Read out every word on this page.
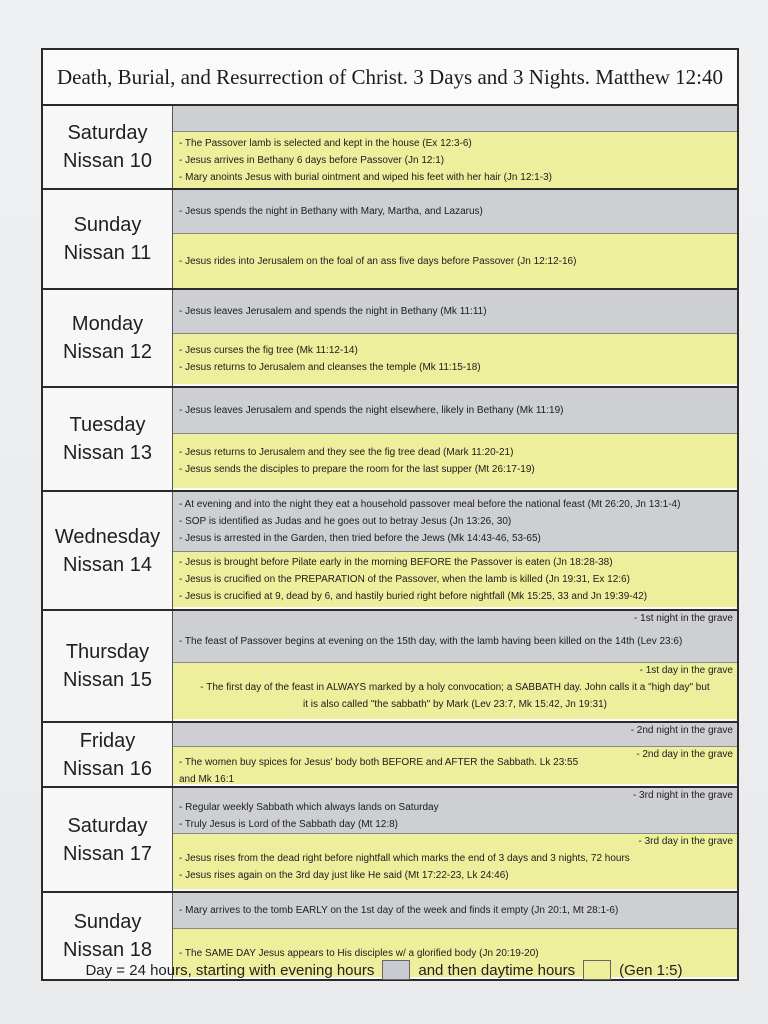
Death, Burial, and Resurrection of Christ. 3 Days and 3 Nights. Matthew 12:40
Saturday
Nissan 10
- The Passover lamb is selected and kept in the house (Ex 12:3-6)
- Jesus arrives in Bethany 6 days before Passover (Jn 12:1)
- Mary anoints Jesus with burial ointment and wiped his feet with her hair (Jn 12:1-3)
Sunday
Nissan 11
- Jesus spends the night in Bethany with Mary, Martha, and Lazarus)
- Jesus rides into Jerusalem on the foal of an ass five days before Passover (Jn 12:12-16)
Monday
Nissan 12
- Jesus leaves Jerusalem and spends the night in Bethany (Mk 11:11)
- Jesus curses the fig tree (Mk 11:12-14)
- Jesus returns to Jerusalem and cleanses the temple (Mk 11:15-18)
Tuesday
Nissan 13
- Jesus leaves Jerusalem and spends the night elsewhere, likely in Bethany (Mk 11:19)
- Jesus returns to Jerusalem and they see the fig tree dead (Mark 11:20-21)
- Jesus sends the disciples to prepare the room for the last supper (Mt 26:17-19)
Wednesday
Nissan 14
- At evening and into the night they eat a household passover meal before the national feast (Mt 26:20, Jn 13:1-4)
- SOP is identified as Judas and he goes out to betray Jesus (Jn 13:26, 30)
- Jesus is arrested in the Garden, then tried before the Jews (Mk 14:43-46, 53-65)
- Jesus is brought before Pilate early in the morning BEFORE the Passover is eaten (Jn 18:28-38)
- Jesus is crucified on the PREPARATION of the Passover, when the lamb is killed (Jn 19:31, Ex 12:6)
- Jesus is crucified at 9, dead by 6, and hastily buried right before nightfall (Mk 15:25, 33 and Jn 19:39-42)
Thursday
Nissan 15
- 1st night in the grave
- The feast of Passover begins at evening on the 15th day, with the lamb having been killed on the 14th (Lev 23:6)
- 1st day in the grave
- The first day of the feast in ALWAYS marked by a holy convocation; a SABBATH day. John calls it a "high day" but
it is also called "the sabbath" by Mark (Lev 23:7, Mk 15:42, Jn 19:31)
Friday
Nissan 16
- 2nd night in the grave
- 2nd day in the grave
- The women buy spices for Jesus' body both BEFORE and AFTER the Sabbath. Lk 23:55
and Mk 16:1
Saturday
Nissan 17
- 3rd night in the grave
- Regular weekly Sabbath which always lands on Saturday
- Truly Jesus is Lord of the Sabbath day (Mt 12:8)
- 3rd day in the grave
- Jesus rises from the dead right before nightfall which marks the end of 3 days and 3 nights, 72 hours
- Jesus rises again on the 3rd day just like He said (Mt 17:22-23, Lk 24:46)
Sunday
Nissan 18
- Mary arrives to the tomb EARLY on the 1st day of the week and finds it empty (Jn 20:1, Mt 28:1-6)
- The SAME DAY Jesus appears to His disciples w/ a glorified body (Jn 20:19-20)
Day = 24 hours, starting with evening hours	and then daytime hours	(Gen 1:5)
